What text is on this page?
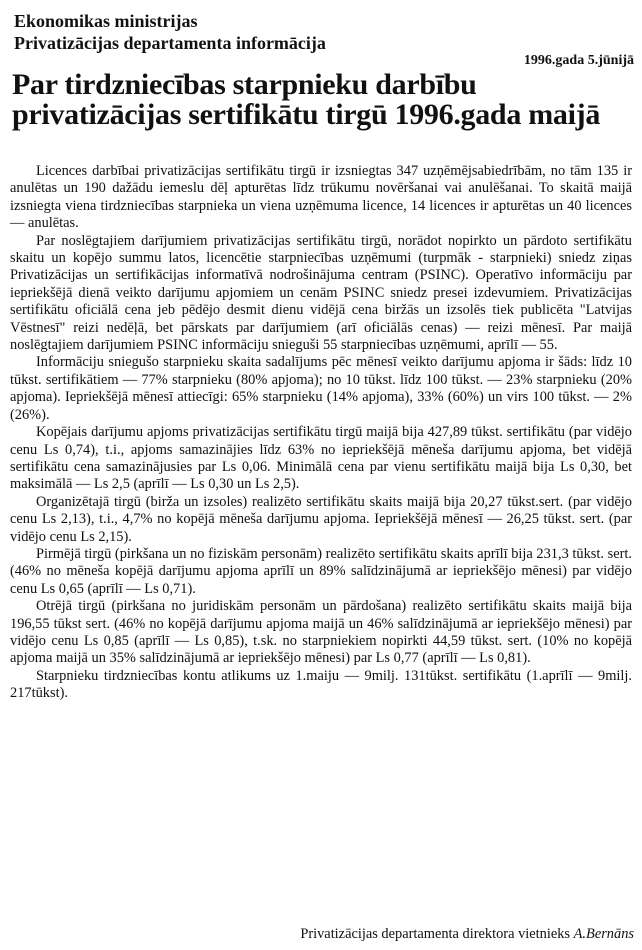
Ekonomikas ministrijas
Privatizācijas departamenta informācija
1996.gada 5.jūnijā
Par tirdzniecības starpnieku darbību privatizācijas sertifikātu tirgū 1996.gada maijā

Licences darbībai privatizācijas sertifikātu tirgū ir izsniegtas 347 uzņēmējsabiedrībām, no tām 135 ir anulētas un 190 dažādu iemeslu dēļ apturētas līdz trūkumu novēršanai vai anulēšanai. To skaitā maijā izsniegta viena tirdzniecības starpnieka un viena uzņēmuma licence, 14 licences ir apturētas un 40 licences — anulētas.

Par noslēgtajiem darījumiem privatizācijas sertifikātu tirgū, norādot nopirkto un pārdoto sertifikātu skaitu un kopējo summu latos, licencētie starpniecības uzņēmumi (turpmāk - starpnieki) sniedz ziņas Privatizācijas un sertifikācijas informatīvā nodrošinājuma centram (PSINC). Operatīvo informāciju par iepriekšējā dienā veikto darījumu apjomiem un cenām PSINC sniedz presei izdevumiem. Privatizācijas sertifikātu oficiālā cena jeb pēdējo desmit dienu vidējā cena biržās un izsolēs tiek publicēta "Latvijas Vēstnesī" reizi nedēļā, bet pārskats par darījumiem (arī oficiālās cenas) — reizi mēnesī. Par maijā noslēgtajiem darījumiem PSINC informāciju snieguši 55 starpniecības uzņēmumi, aprīlī — 55.

Informāciju sniegušo starpnieku skaita sadalījums pēc mēnesī veikto darījumu apjoma ir šāds: līdz 10 tūkst. sertifikātiem — 77% starpnieku (80% apjoma); no 10 tūkst. līdz 100 tūkst. — 23% starpnieku (20% apjoma). Iepriekšējā mēnesī attiecīgi: 65% starpnieku (14% apjoma), 33% (60%) un virs 100 tūkst. — 2% (26%).

Kopējais darījumu apjoms privatizācijas sertifikātu tirgū maijā bija 427,89 tūkst. sertifikātu (par vidējo cenu Ls 0,74), t.i., apjoms samazinājies līdz 63% no iepriekšējā mēneša darījumu apjoma, bet vidējā sertifikātu cena samazinājusies par Ls 0,06. Minimālā cena par vienu sertifikātu maijā bija Ls 0,30, bet maksimālā — Ls 2,5 (aprīlī — Ls 0,30 un Ls 2,5).

Organizētajā tirgū (birža un izsoles) realizēto sertifikātu skaits maijā bija 20,27 tūkst.sert. (par vidējo cenu Ls 2,13), t.i., 4,7% no kopējā mēneša darījumu apjoma. Iepriekšējā mēnesī — 26,25 tūkst. sert. (par vidējo cenu Ls 2,15).

Pirmējā tirgū (pirkšana un no fiziskām personām) realizēto sertifikātu skaits aprīlī bija 231,3 tūkst. sert. (46% no mēneša kopējā darījumu apjoma aprīlī un 89% salīdzinājumā ar iepriekšējo mēnesi) par vidējo cenu Ls 0,65 (aprīlī — Ls 0,71).

Otrējā tirgū (pirkšana no juridiskām personām un pārdošana) realizēto sertifikātu skaits maijā bija 196,55 tūkst sert. (46% no kopējā darījumu apjoma maijā un 46% salīdzinājumā ar iepriekšējo mēnesi) par vidējo cenu Ls 0,85 (aprīlī — Ls 0,85), t.sk. no starpniekiem nopirkti 44,59 tūkst. sert. (10% no kopējā apjoma maijā un 35% salīdzinājumā ar iepriekšējo mēnesi) par Ls 0,77 (aprīlī — Ls 0,81).

Starpnieku tirdzniecības kontu atlikums uz 1.maiju — 9milj. 131tūkst. sertifikātu (1.aprīlī — 9milj. 217tūkst).

Privatizācijas departamenta direktora vietnieks A.Bernāns
